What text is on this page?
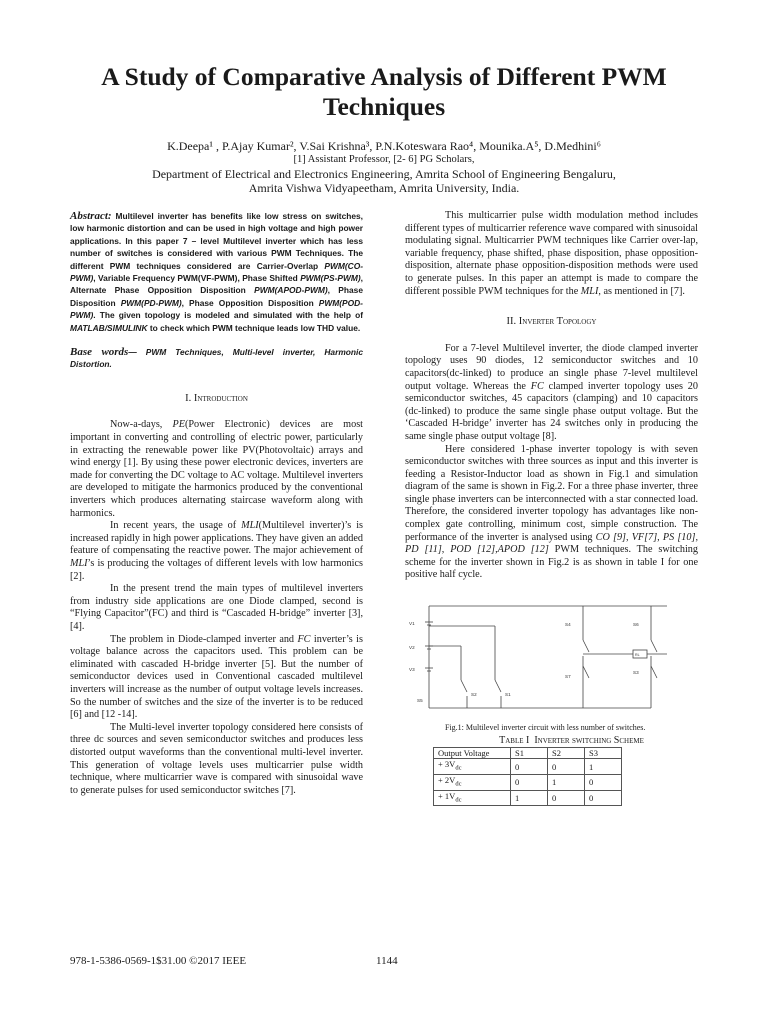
A Study of Comparative Analysis of Different PWM Techniques
K.Deepa¹ , P.Ajay Kumar², V.Sai Krishna³, P.N.Koteswara Rao⁴, Mounika.A⁵, D.Medhini⁶
[1] Assistant Professor, [2- 6] PG Scholars,
Department of Electrical and Electronics Engineering, Amrita School of Engineering Bengaluru,
Amrita Vishwa Vidyapeetham, Amrita University, India.

Abstract: Multilevel inverter has benefits like low stress on switches, low harmonic distortion and can be used in high voltage and high power applications. In this paper 7 – level Multilevel inverter which has less number of switches is considered with various PWM Techniques. The different PWM techniques considered are Carrier-Overlap PWM(CO-PWM), Variable Frequency PWM(VF-PWM), Phase Shifted PWM(PS-PWM), Alternate Phase Opposition Disposition PWM(APOD-PWM), Phase Disposition PWM(PD-PWM), Phase Opposition Disposition PWM(POD-PWM). The given topology is modeled and simulated with the help of MATLAB/SIMULINK to check which PWM technique leads low THD value.

Base words— PWM Techniques, Multi-level inverter, Harmonic Distortion.

I. Introduction

Now-a-days, PE(Power Electronic) devices are most important in converting and controlling of electric power, particularly in extracting the renewable power like PV(Photovoltaic) arrays and wind energy [1]. By using these power electronic devices, inverters are made for converting the DC voltage to AC voltage. Multilevel inverters are developed to mitigate the harmonics produced by the conventional inverters which produces alternating staircase waveform along with harmonics.

In recent years, the usage of MLI(Multilevel inverter)’s is increased rapidly in high power applications. They have given an added feature of compensating the reactive power. The major achievement of MLI’s is producing the voltages of different levels with low harmonics [2].

In the present trend the main types of multilevel inverters from industry side applications are one Diode clamped, second is “Flying Capacitor”(FC) and third is “Cascaded H-bridge” inverter [3],[4].

The problem in Diode-clamped inverter and FC inverter’s is voltage balance across the capacitors used. This problem can be eliminated with cascaded H-bridge inverter [5]. But the number of semiconductor devices used in Conventional cascaded multilevel inverters will increase as the number of output voltage levels increases. So the number of switches and the size of the inverter is to be reduced [6] and [12 -14].

The Multi-level inverter topology considered here consists of three dc sources and seven semiconductor switches and produces less distorted output waveforms than the conventional multi-level inverter. This generation of voltage levels uses multicarrier pulse width technique, where multicarrier wave is compared with sinusoidal wave to generate pulses for used semiconductor switches [7].

This multicarrier pulse width modulation method includes different types of multicarrier reference wave compared with sinusoidal modulating signal. Multicarrier PWM techniques like Carrier over-lap, variable frequency, phase shifted, phase disposition, phase opposition-disposition, alternate phase opposition-disposition methods were used to generate pulses. In this paper an attempt is made to compare the different possible PWM techniques for the MLI, as mentioned in [7].

II. Inverter Topology

For a 7-level Multilevel inverter, the diode clamped inverter topology uses 90 diodes, 12 semiconductor switches and 10 capacitors(dc-linked) to produce an single phase 7-level multilevel output voltage. Whereas the FC clamped inverter topology uses 20 semiconductor switches, 45 capacitors (clamping) and 10 capacitors (dc-linked) to produce the same single phase output voltage. But the ‘Cascaded H-bridge’ inverter has 24 switches only in producing the same single phase output voltage [8].

Here considered 1-phase inverter topology is with seven semiconductor switches with three sources as input and this inverter is feeding a Resistor-Inductor load as shown in Fig.1 and simulation diagram of the same is shown in Fig.2. For a three phase inverter, three single phase inverters can be interconnected with a star connected load. Therefore, the considered inverter topology has advantages like non-complex gate controlling, minimum cost, simple construction. The performance of the inverter is analysed using CO [9], VF[7], PS [10], PD [11], POD [12],APOD [12] PWM techniques. The switching scheme for the inverter shown in Fig.2 is as shown in table I for one positive half cycle.

V1
V2
V3
S1
S2
S3
S4
S5
S6
S7
RL

Fig.1: Multilevel inverter circuit with less number of switches.

Table I Inverter switching Scheme

Output Voltage	S1	S2	S3
+ $3V_{dc}$	0	0	1
+ $2V_{dc}$	0	1	0
+ $1V_{dc}$	1	0	0
978-1-5386-0569-1$31.00 ©2017 IEEE	1144
